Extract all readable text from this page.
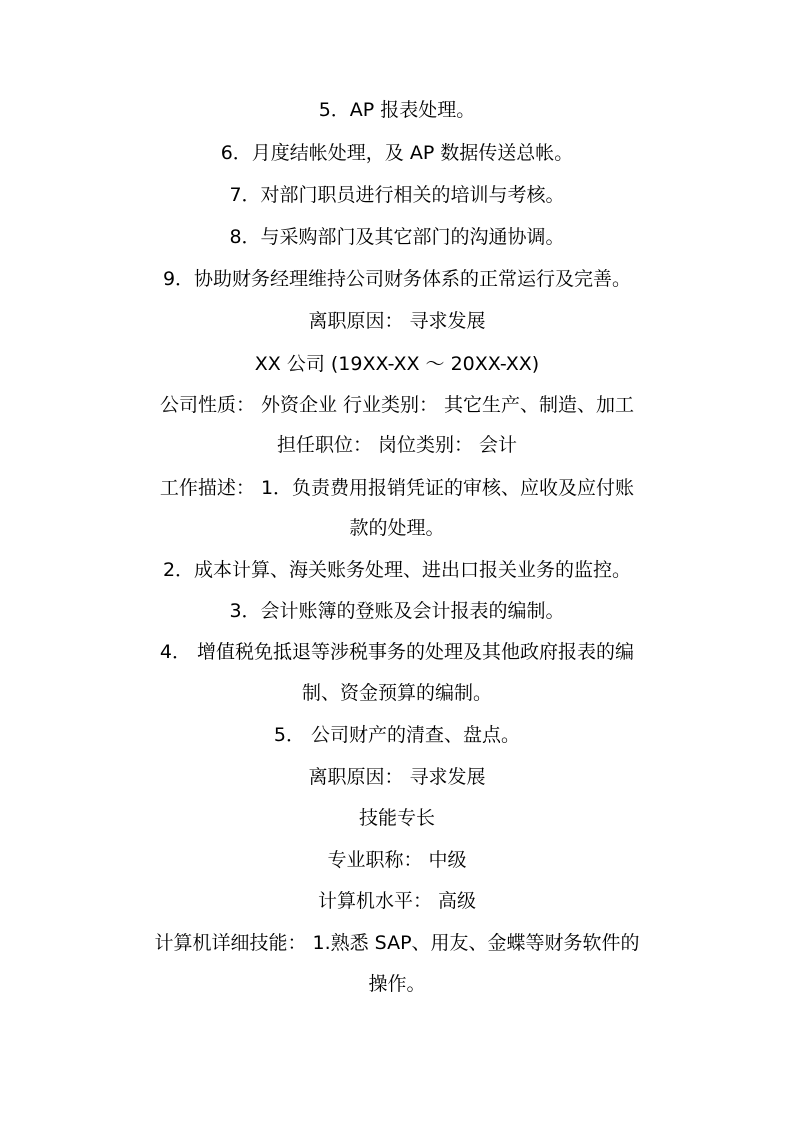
5．AP 报表处理。
6．月度结帐处理，及 AP 数据传送总帐。
7．对部门职员进行相关的培训与考核。
8．与采购部门及其它部门的沟通协调。
9．协助财务经理维持公司财务体系的正常运行及完善。
离职原因： 寻求发展
XX 公司 (19XX-XX ～ 20XX-XX)
公司性质： 外资企业 行业类别： 其它生产、制造、加工
担任职位： 岗位类别： 会计
工作描述： 1．负责费用报销凭证的审核、应收及应付账
款的处理。
2．成本计算、海关账务处理、进出口报关业务的监控。
3．会计账簿的登账及会计报表的编制。
4． 增值税免抵退等涉税事务的处理及其他政府报表的编
制、资金预算的编制。
5． 公司财产的清查、盘点。
离职原因： 寻求发展
技能专长
专业职称： 中级
计算机水平： 高级
计算机详细技能： 1.熟悉 SAP、用友、金蝶等财务软件的
操作。
